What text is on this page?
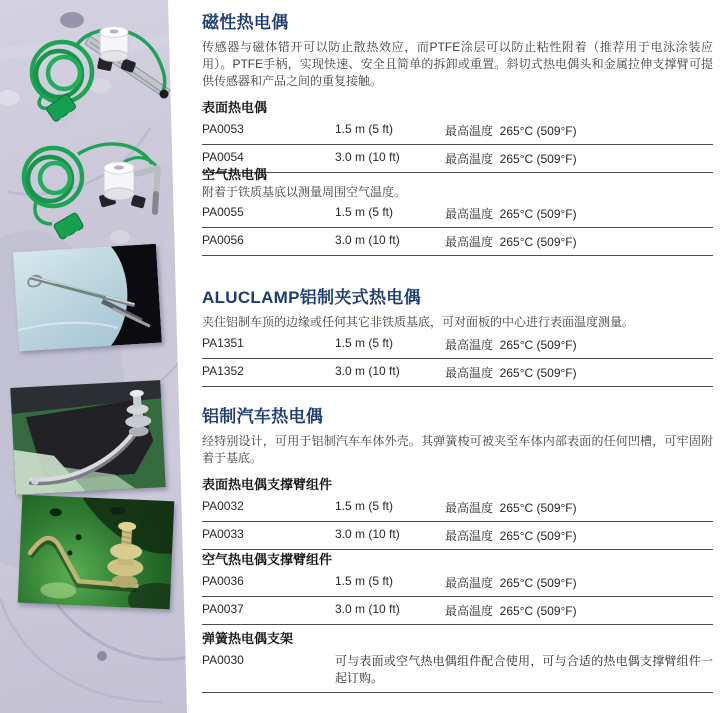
磁性热电偶

传感器与磁体错开可以防止散热效应，而PTFE涂层可以防止粘性附着（推荐用于电泳涂装应用）。PTFE手柄，实现快速、安全且简单的拆卸或重置。斜切式热电偶头和金属拉伸支撑臂可提供传感器和产品之间的重复接触。

表面热电偶
PA0053	1.5 m (5 ft)	最高温度  265°C (509°F)
PA0054	3.0 m (10 ft)	最高温度  265°C (509°F)
空气热电偶

附着于铁质基底以测量周围空气温度。

PA0055	1.5 m (5 ft)	最高温度  265°C (509°F)
PA0056	3.0 m (10 ft)	最高温度  265°C (509°F)
ALUCLAMP铝制夹式热电偶

夹住铝制车顶的边缘或任何其它非铁质基底，可对面板的中心进行表面温度测量。

PA1351	1.5 m (5 ft)	最高温度  265°C (509°F)
PA1352	3.0 m (10 ft)	最高温度  265°C (509°F)
铝制汽车热电偶

经特别设计，可用于铝制汽车车体外壳。其弹簧梭可被夹至车体内部表面的任何凹槽，可牢固附着于基底。

表面热电偶支撑臂组件
PA0032	1.5 m (5 ft)	最高温度  265°C (509°F)
PA0033	3.0 m (10 ft)	最高温度  265°C (509°F)
空气热电偶支撑臂组件
PA0036	1.5 m (5 ft)	最高温度  265°C (509°F)
PA0037	3.0 m (10 ft)	最高温度  265°C (509°F)
弹簧热电偶支架
PA0030	可与表面或空气热电偶组件配合使用，可与合适的热电偶支撑臂组件一起订购。
